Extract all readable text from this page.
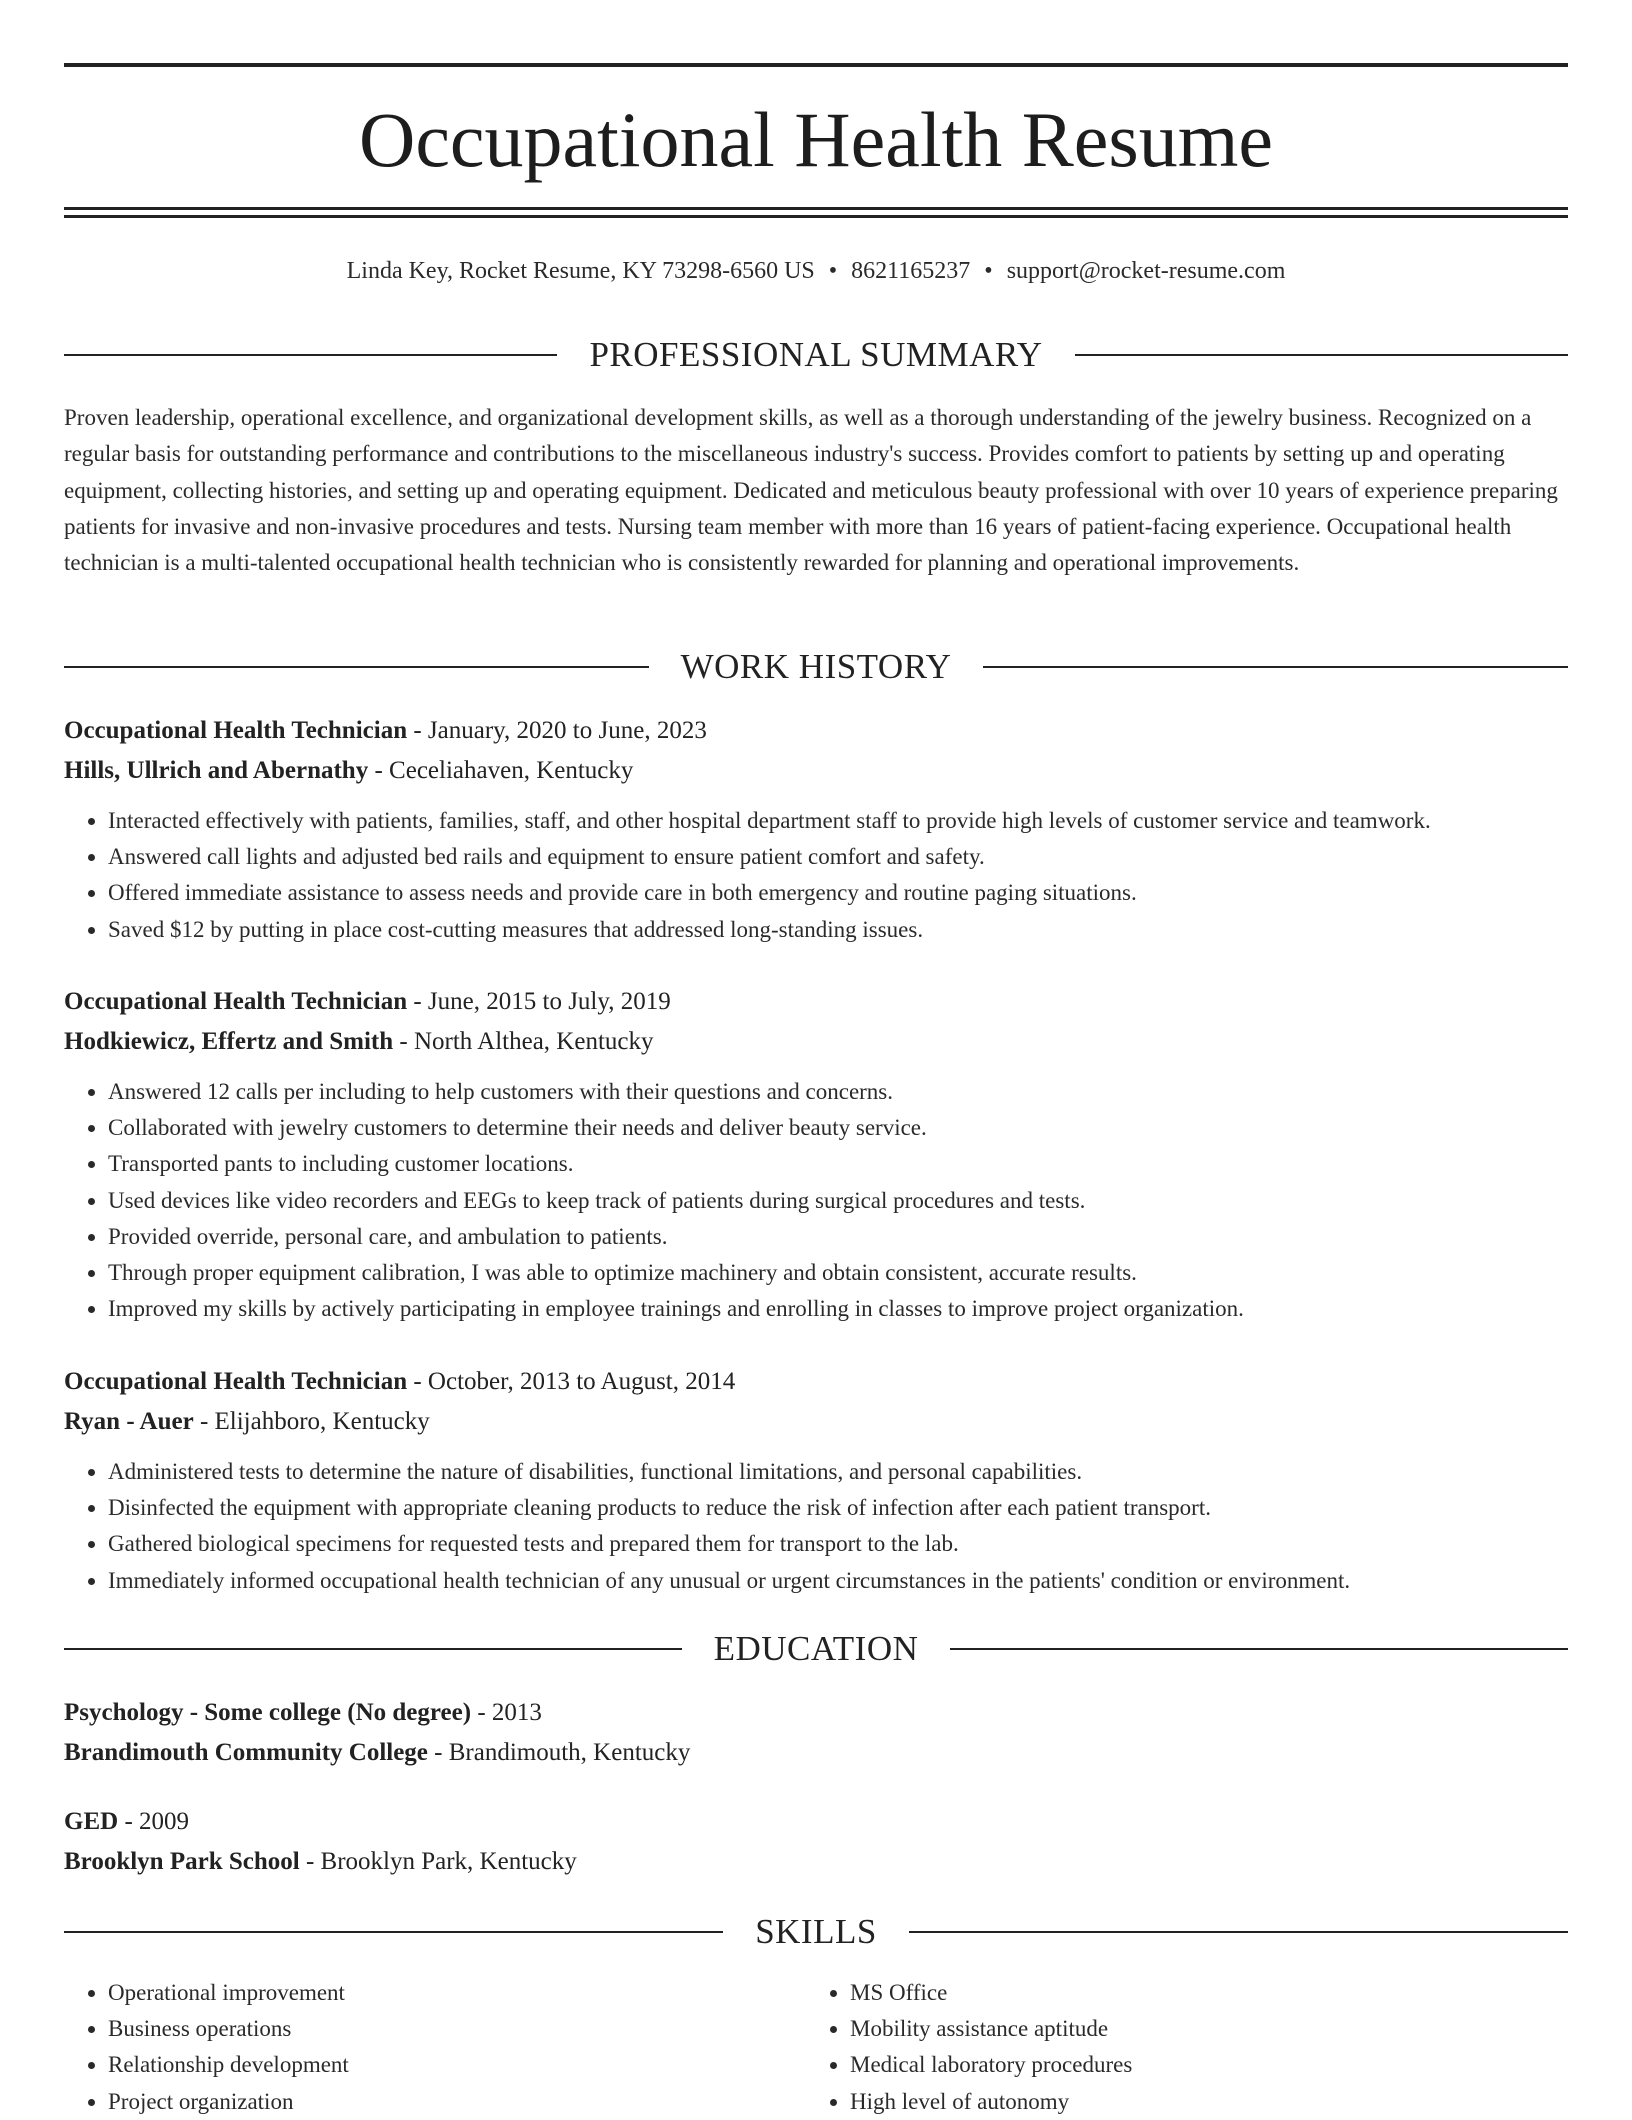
Occupational Health Resume
Linda Key, Rocket Resume, KY 73298-6560 US • 8621165237 • support@rocket-resume.com
PROFESSIONAL SUMMARY
Proven leadership, operational excellence, and organizational development skills, as well as a thorough understanding of the jewelry business. Recognized on a regular basis for outstanding performance and contributions to the miscellaneous industry's success. Provides comfort to patients by setting up and operating equipment, collecting histories, and setting up and operating equipment. Dedicated and meticulous beauty professional with over 10 years of experience preparing patients for invasive and non-invasive procedures and tests. Nursing team member with more than 16 years of patient-facing experience. Occupational health technician is a multi-talented occupational health technician who is consistently rewarded for planning and operational improvements.
WORK HISTORY
Occupational Health Technician - January, 2020 to June, 2023
Hills, Ullrich and Abernathy - Ceceliahaven, Kentucky
• Interacted effectively with patients, families, staff, and other hospital department staff to provide high levels of customer service and teamwork.
• Answered call lights and adjusted bed rails and equipment to ensure patient comfort and safety.
• Offered immediate assistance to assess needs and provide care in both emergency and routine paging situations.
• Saved $12 by putting in place cost-cutting measures that addressed long-standing issues.
Occupational Health Technician - June, 2015 to July, 2019
Hodkiewicz, Effertz and Smith - North Althea, Kentucky
• Answered 12 calls per including to help customers with their questions and concerns.
• Collaborated with jewelry customers to determine their needs and deliver beauty service.
• Transported pants to including customer locations.
• Used devices like video recorders and EEGs to keep track of patients during surgical procedures and tests.
• Provided override, personal care, and ambulation to patients.
• Through proper equipment calibration, I was able to optimize machinery and obtain consistent, accurate results.
• Improved my skills by actively participating in employee trainings and enrolling in classes to improve project organization.
Occupational Health Technician - October, 2013 to August, 2014
Ryan - Auer - Elijahboro, Kentucky
• Administered tests to determine the nature of disabilities, functional limitations, and personal capabilities.
• Disinfected the equipment with appropriate cleaning products to reduce the risk of infection after each patient transport.
• Gathered biological specimens for requested tests and prepared them for transport to the lab.
• Immediately informed occupational health technician of any unusual or urgent circumstances in the patients' condition or environment.
EDUCATION
Psychology - Some college (No degree) - 2013
Brandimouth Community College - Brandimouth, Kentucky
GED - 2009
Brooklyn Park School - Brooklyn Park, Kentucky
SKILLS
• Operational improvement
• Business operations
• Relationship development
• Project organization
• MS Office
• Mobility assistance aptitude
• Medical laboratory procedures
• High level of autonomy
